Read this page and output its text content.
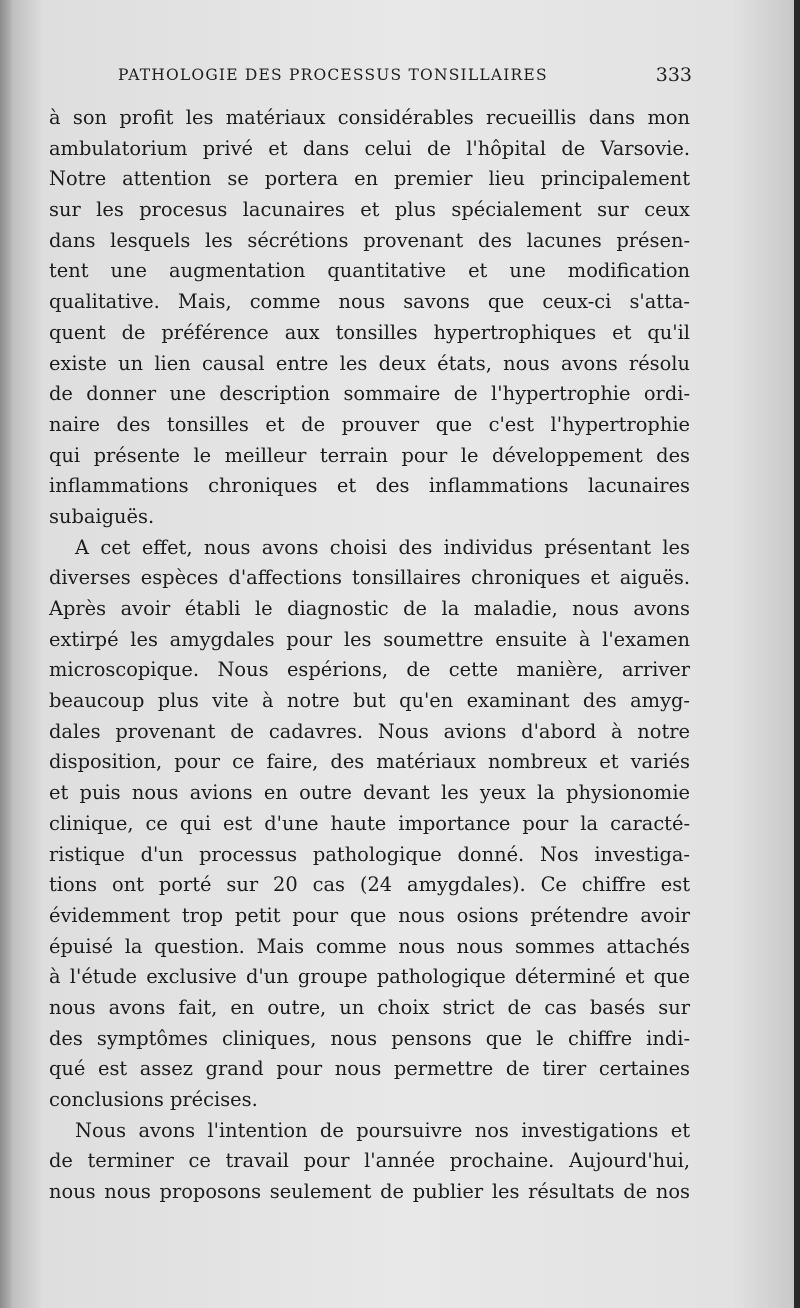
PATHOLOGIE DES PROCESSUS TONSILLAIRES	333
à son profit les matériaux considérables recueillis dans mon
ambulatorium privé et dans celui de l'hôpital de Varsovie.
Notre attention se portera en premier lieu principalement
sur les procesus lacunaires et plus spécialement sur ceux
dans lesquels les sécrétions provenant des lacunes présen-
tent une augmentation quantitative et une modification
qualitative. Mais, comme nous savons que ceux-ci s'atta-
quent de préférence aux tonsilles hypertrophiques et qu'il
existe un lien causal entre les deux états, nous avons résolu
de donner une description sommaire de l'hypertrophie ordi-
naire des tonsilles et de prouver que c'est l'hypertrophie
qui présente le meilleur terrain pour le développement des
inflammations chroniques et des inflammations lacunaires
subaiguës.
A cet effet, nous avons choisi des individus présentant les
diverses espèces d'affections tonsillaires chroniques et aiguës.
Après avoir établi le diagnostic de la maladie, nous avons
extirpé les amygdales pour les soumettre ensuite à l'examen
microscopique. Nous espérions, de cette manière, arriver
beaucoup plus vite à notre but qu'en examinant des amyg-
dales provenant de cadavres. Nous avions d'abord à notre
disposition, pour ce faire, des matériaux nombreux et variés
et puis nous avions en outre devant les yeux la physionomie
clinique, ce qui est d'une haute importance pour la caracté-
ristique d'un processus pathologique donné. Nos investiga-
tions ont porté sur 20 cas (24 amygdales). Ce chiffre est
évidemment trop petit pour que nous osions prétendre avoir
épuisé la question. Mais comme nous nous sommes attachés
à l'étude exclusive d'un groupe pathologique déterminé et que
nous avons fait, en outre, un choix strict de cas basés sur
des symptômes cliniques, nous pensons que le chiffre indi-
qué est assez grand pour nous permettre de tirer certaines
conclusions précises.
Nous avons l'intention de poursuivre nos investigations et
de terminer ce travail pour l'année prochaine. Aujourd'hui,
nous nous proposons seulement de publier les résultats de nos
